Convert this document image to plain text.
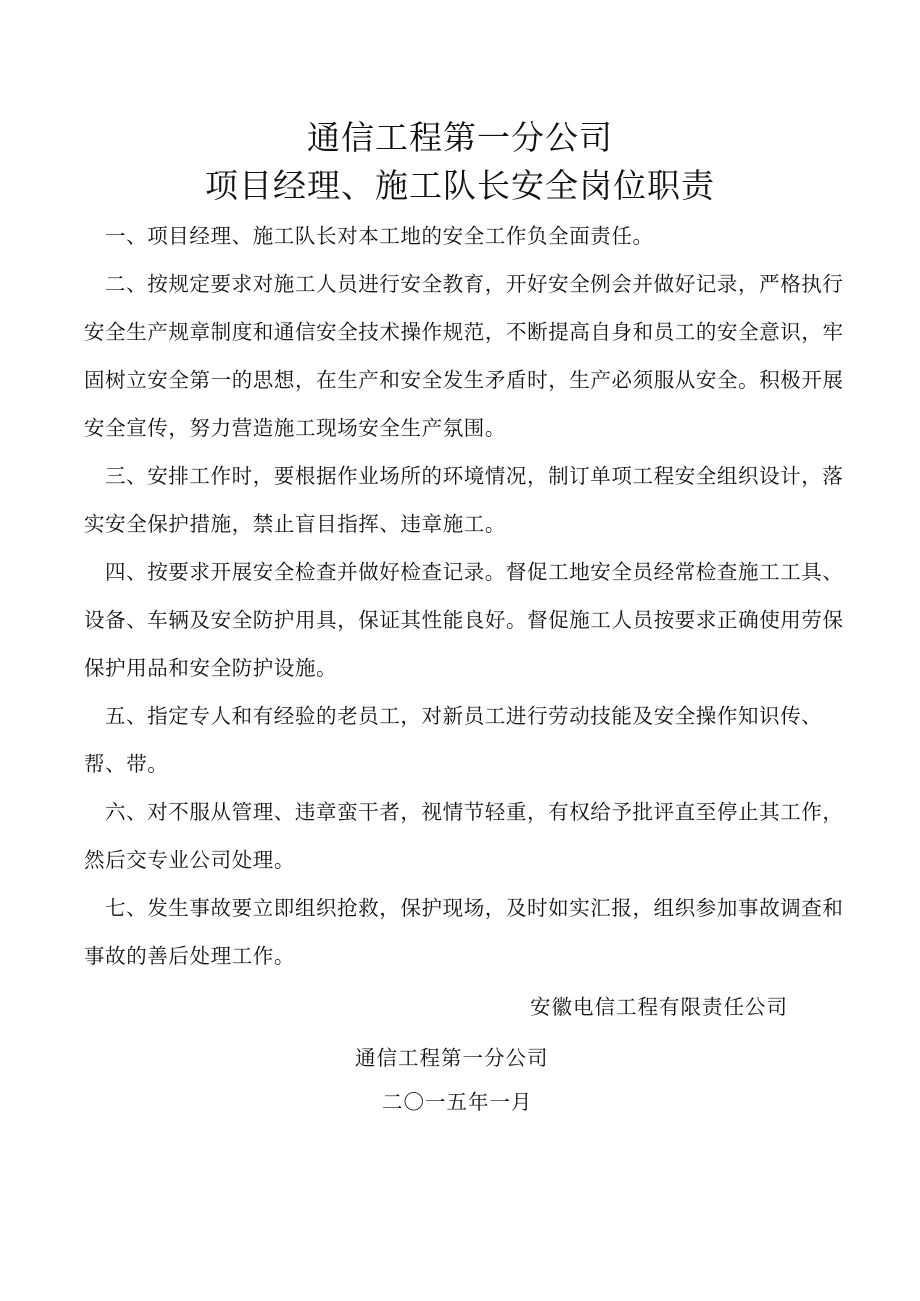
通信工程第一分公司
项目经理、施工队长安全岗位职责

一、项目经理、施工队长对本工地的安全工作负全面责任。

二、按规定要求对施工人员进行安全教育，开好安全例会并做好记录，严格执行安全生产规章制度和通信安全技术操作规范，不断提高自身和员工的安全意识，牢固树立安全第一的思想，在生产和安全发生矛盾时，生产必须服从安全。积极开展安全宣传，努力营造施工现场安全生产氛围。

三、安排工作时，要根据作业场所的环境情况，制订单项工程安全组织设计，落实安全保护措施，禁止盲目指挥、违章施工。

四、按要求开展安全检查并做好检查记录。督促工地安全员经常检查施工工具、设备、车辆及安全防护用具，保证其性能良好。督促施工人员按要求正确使用劳保保护用品和安全防护设施。

五、指定专人和有经验的老员工，对新员工进行劳动技能及安全操作知识传、帮、带。

六、对不服从管理、违章蛮干者，视情节轻重，有权给予批评直至停止其工作，然后交专业公司处理。

七、发生事故要立即组织抢救，保护现场，及时如实汇报，组织参加事故调查和事故的善后处理工作。

安徽电信工程有限责任公司
通信工程第一分公司
二〇一五年一月
